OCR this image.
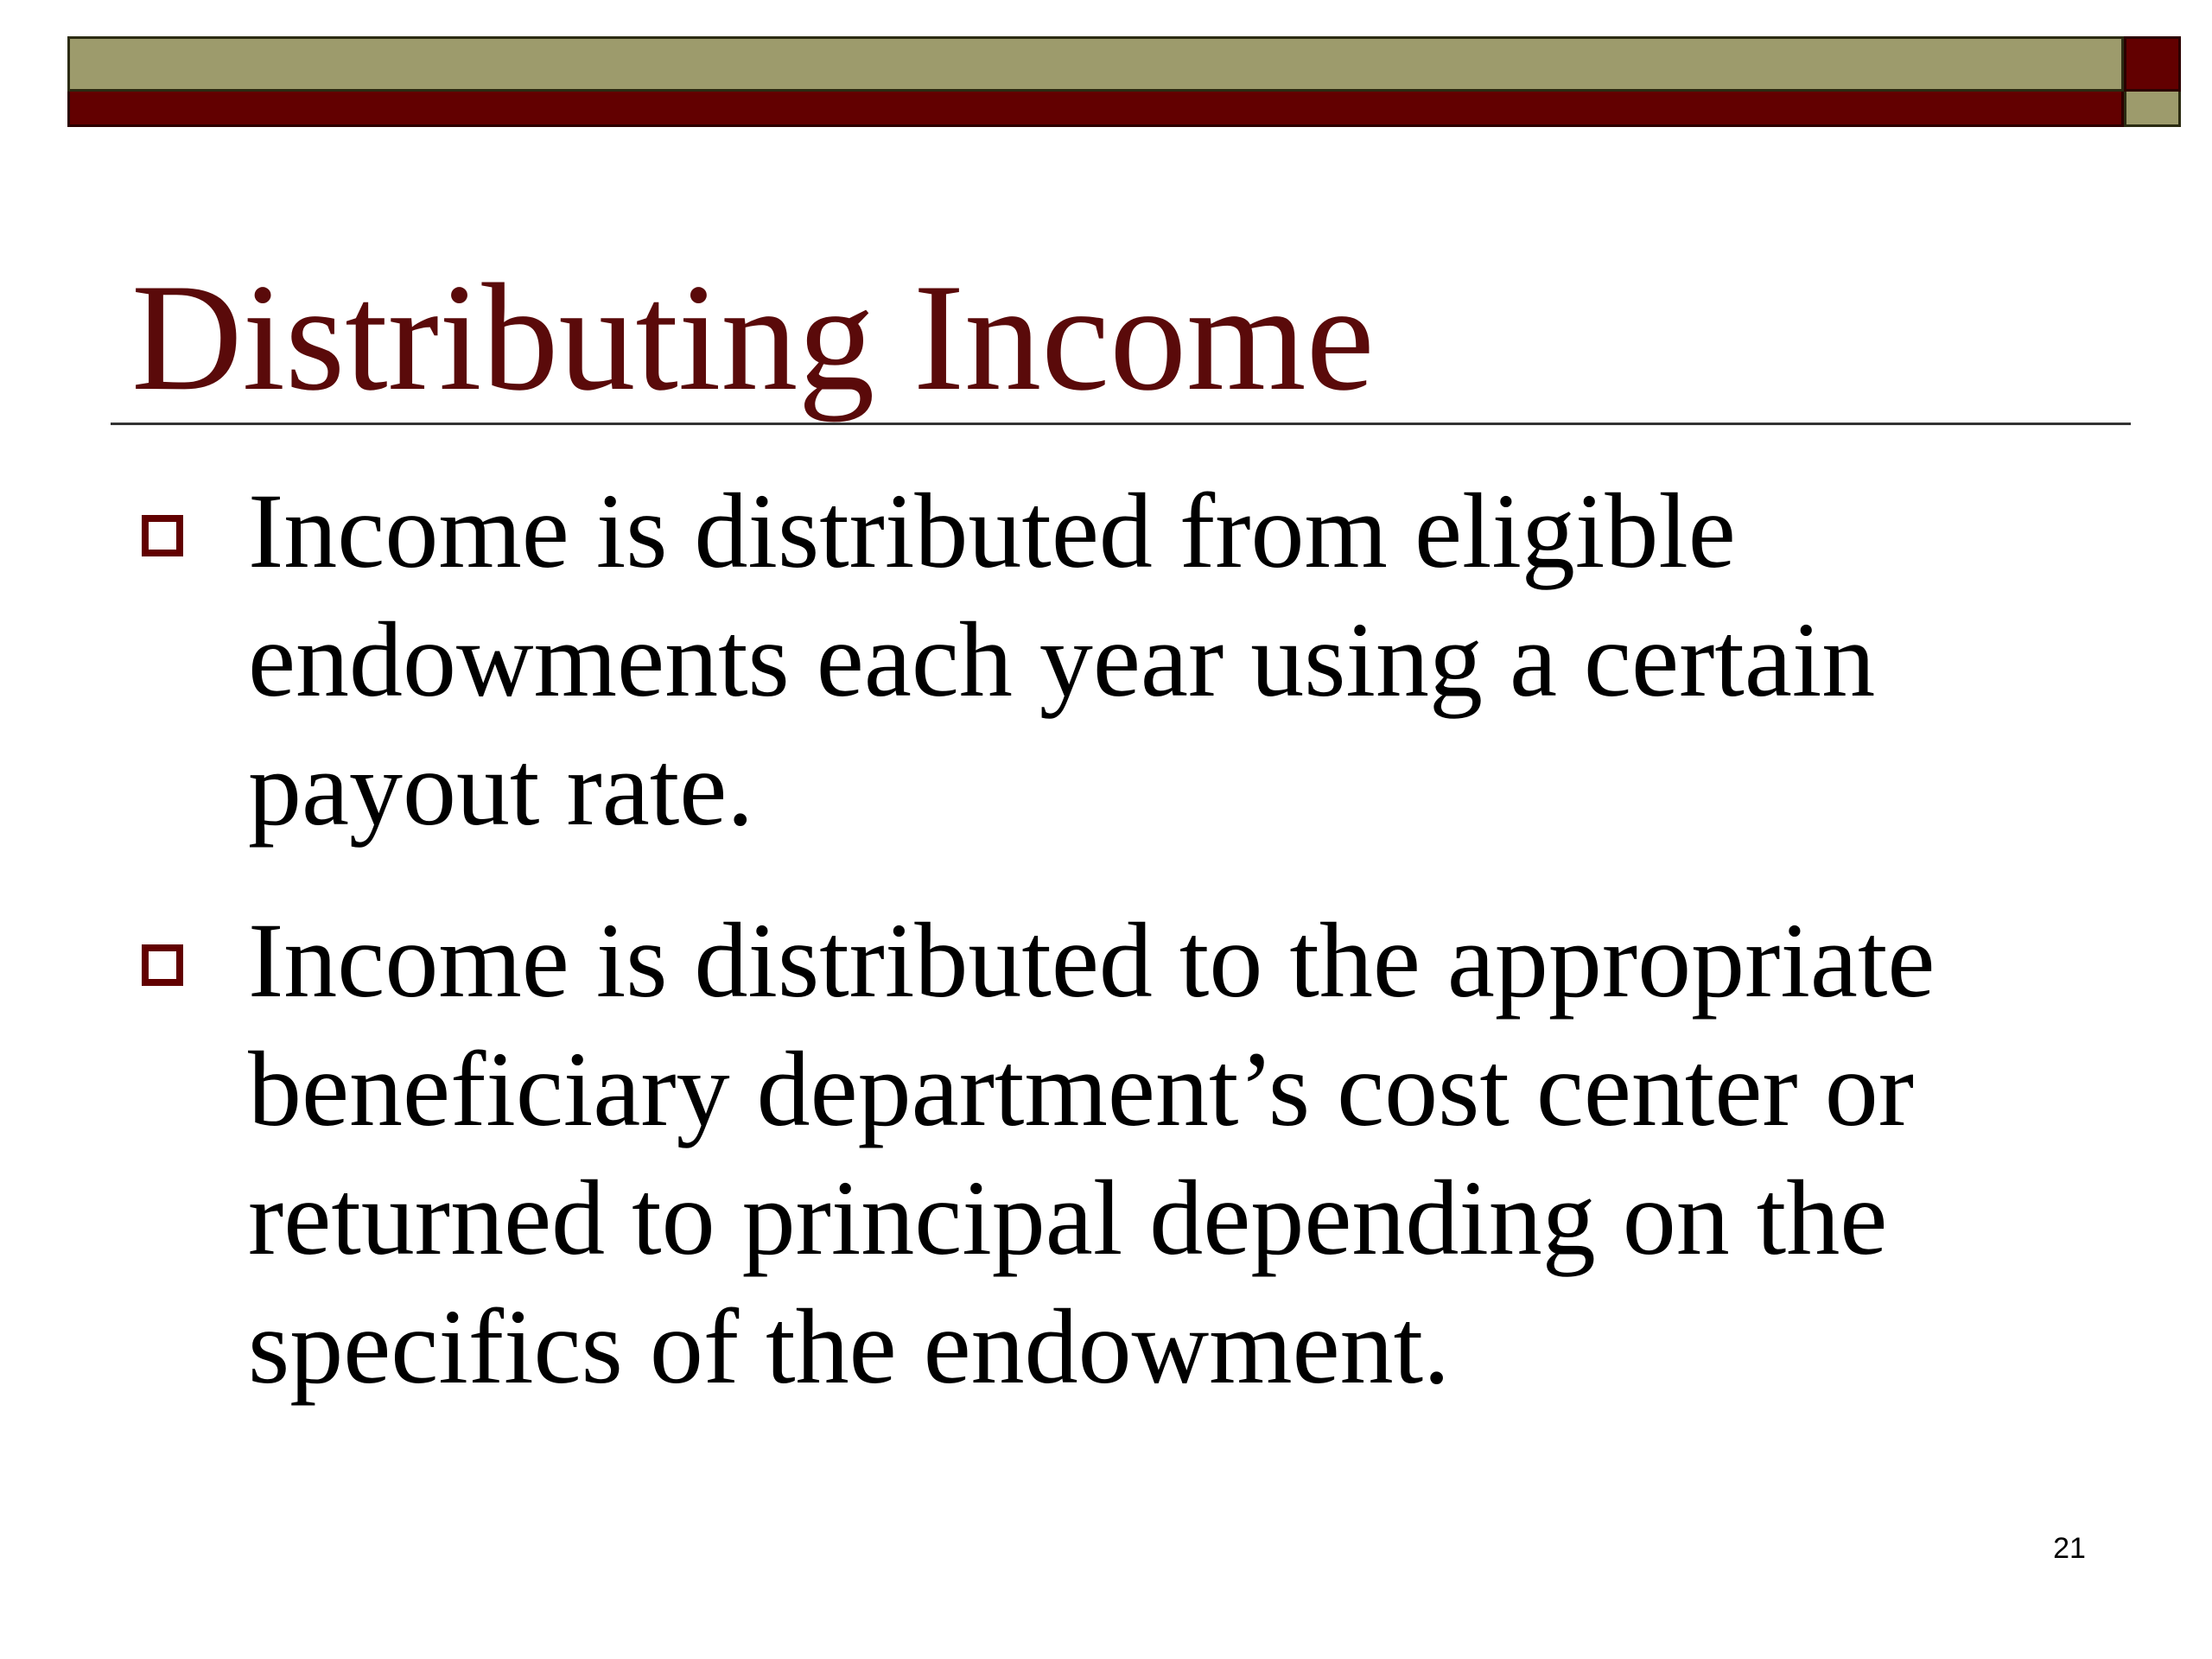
Distributing Income
Income is distributed from eligible endowments each year using a certain payout rate.
Income is distributed to the appropriate beneficiary department’s cost center or returned to principal depending on the specifics of the endowment.
21
